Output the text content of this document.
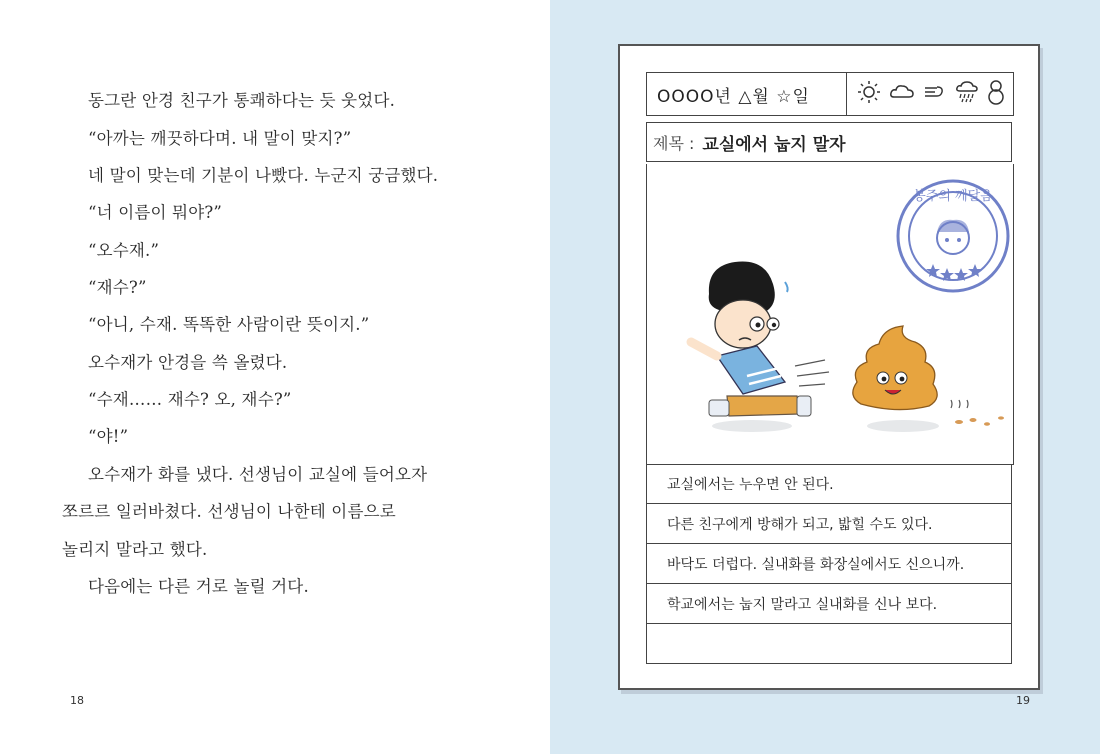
동그란 안경 친구가 통쾌하다는 듯 웃었다.
“아까는 깨끗하다며. 내 말이 맞지?”
네 말이 맞는데 기분이 나빴다. 누군지 궁금했다.
“너 이름이 뭐야?”
“오수재.”
“재수?”
“아니, 수재. 똑똑한 사람이란 뜻이지.”
오수재가 안경을 쓱 올렸다.
“수재…… 재수? 오, 재수?”
“야!”
오수재가 화를 냈다. 선생님이 교실에 들어오자
쪼르르 일러바쳤다. 선생님이 나한테 이름으로
놀리지 말라고 했다.
다음에는 다른 거로 놀릴 거다.
18	19
OOOO년 △월 ☆일
제목 : 교실에서 눕지 말자
봉주의 깨달음
교실에서는 누우면 안 된다.
다른 친구에게 방해가 되고, 밟힐 수도 있다.
바닥도 더럽다. 실내화를 화장실에서도 신으니까.
학교에서는 눕지 말라고 실내화를 신나 보다.
